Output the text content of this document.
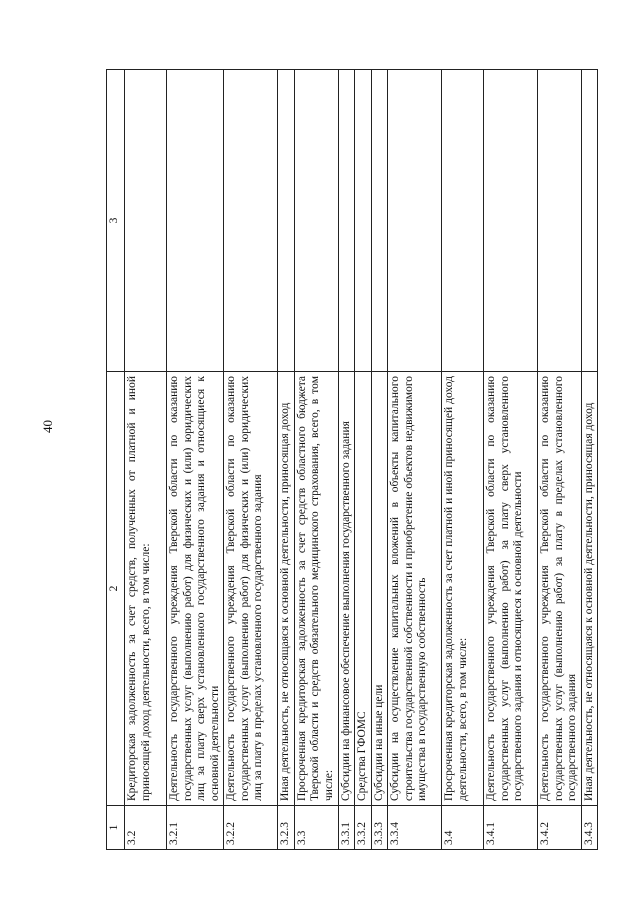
40
1	2	3
3.2	Кредиторская задолженность за счет средств, полученных от платной и иной приносящей доход деятельности, всего, в том числе:	
3.2.1	Деятельность государственного учреждения Тверской области по оказанию государственных услуг (выполнению работ) для физических и (или) юридических лиц за плату сверх установленного государственного задания и относящиеся к основной деятельности	
3.2.2	Деятельность государственного учреждения Тверской области по оказанию государственных услуг (выполнению работ) для физических и (или) юридических лиц за плату в пределах установленного государственного задания	
3.2.3	Иная деятельность, не относящаяся к основной деятельности, приносящая доход	
3.3	Просроченная кредиторская задолженность за счет средств областного бюджета Тверской области и средств обязательного медицинского страхования, всего, в том числе:	
3.3.1	Субсидии на финансовое обеспечение выполнения государственного задания	
3.3.2	Средства ГФОМС	
3.3.3	Субсидии на иные цели	
3.3.4	Субсидии на осуществление капитальных вложений в объекты капитального строительства государственной собственности и приобретение объектов недвижимого имущества в государственную собственность	
3.4	Просроченная кредиторская задолженность за счет платной и иной приносящей доход деятельности, всего, в том числе:	
3.4.1	Деятельность государственного учреждения Тверской области по оказанию государственных услуг (выполнению работ) за плату сверх установленного государственного задания и относящиеся к основной деятельности	
3.4.2	Деятельность государственного учреждения Тверской области по оказанию государственных услуг (выполнению работ) за плату в пределах установленного государственного задания	
3.4.3	Иная деятельность, не относящаяся к основной деятельности, приносящая доход	
